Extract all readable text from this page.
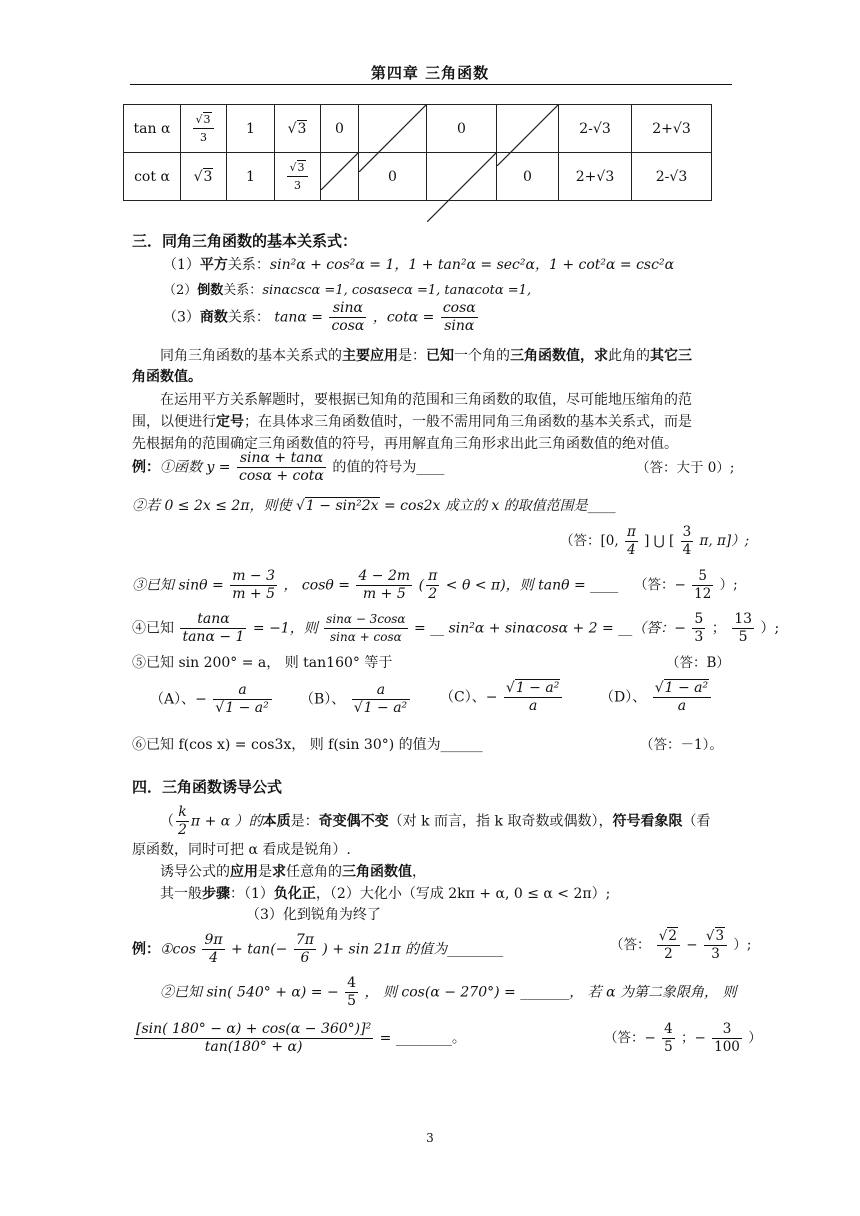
第四章 三角函数
tan α	$\frac{√3}{3}$	1	√3	0		0		2-√3	2+√3
cot α	√3	1	$\frac{√3}{3}$		0		0	2+√3	2-√3
三．同角三角函数的基本关系式：
（1）平方关系：sin²α + cos²α = 1，1 + tan²α = sec²α，1 + cot²α = csc²α
（2）倒数关系：sinαcscα =1, cosαsecα =1, tanαcotα =1,
（3）商数关系： $\tan\alpha = \frac{\sin\alpha}{\cos\alpha}$ ，$\cot\alpha = \frac{\cos\alpha}{\sin\alpha}$
同角三角函数的基本关系式的主要应用是：已知一个角的三角函数值，求此角的其它三
角函数值。
在运用平方关系解题时，要根据已知角的范围和三角函数的取值，尽可能地压缩角的范
围，以便进行定号；在具体求三角函数值时，一般不需用同角三角函数的基本关系式，而是
先根据角的范围确定三角函数值的符号，再用解直角三角形求出此三角函数值的绝对值。
例：①函数 $y = \frac{\sin\alpha + \tan\alpha}{\cos\alpha + \cot\alpha}$ 的值的符号为____	（答：大于 0）;
②若 0 ≤ 2x ≤ 2π，则使 √1 − sin²2x = cos2x 成立的 x 的取值范围是____
（答：[0, $\frac{\pi}{4}$ ] ⋃ [ $\frac{3}{4} \pi$, π]）;
③已知 $\sin\theta = \frac{m - 3}{m + 5}$ ， $\cos\theta = \frac{4 - 2m}{m + 5}$ ( $\frac{\pi}{2} < \theta < \pi$)，则 tanθ = ____ （答：− $\frac{5}{12}$ ）;
④已知 $\frac{\tan\alpha}{\tan\alpha - 1} = -1$，则 $\frac{\sin\alpha - 3\cos\alpha}{\sin\alpha + \cos\alpha}$ = __ sin²α + sinαcosα + 2 = __（答：− $\frac{5}{3}$ ； $\frac{13}{5}$ ）;
⑤已知 sin 200° = a， 则 tan160° 等于	（答：B）
（A）、− $\frac{a}{\text{√1 − a²}} (B)$、 $\frac{a}{\text{√1 − a²}} (C)$、− $\frac{\text{√1 − a²}}{a}$	（D）、 $\frac{\text{√1 − a²}}{a}$
⑥已知 f(cos x) = cos3x， 则 f(sin 30°) 的值为______	（答：－1）。
四．三角函数诱导公式
（ $\frac{k}{2}$ π + α ）的本质是：奇变偶不变（对 k 而言，指 k 取奇数或偶数），符号看象限（看
原函数，同时可把 α 看成是锐角）.
诱导公式的应用是求任意角的三角函数值，
其一般步骤：（1）负化正，（2）大化小（写成 2kπ + α, 0 ≤ α < 2π）;
（3）化到锐角为终了
例：①cos $\frac{9\pi}{4} + \tan(- \frac{7\pi}{6}$ ) + sin 21π 的值为________	（答： $\frac{√2}{2} - \frac{√3}{3}$ ）;
②已知 sin( 540° + α) = − $\frac{4}{5}$ ， 则 cos(α − 270°) = _______， 若 α 为第二象限角， 则
$\frac{\text{[sin( 180° − α) + cos(α − 360°)]²}}{\tan(180^\circ + \alpha)}$ = ________。	（答：− $\frac{4}{5}$ ；− $\frac{3}{100}$ ）
3
